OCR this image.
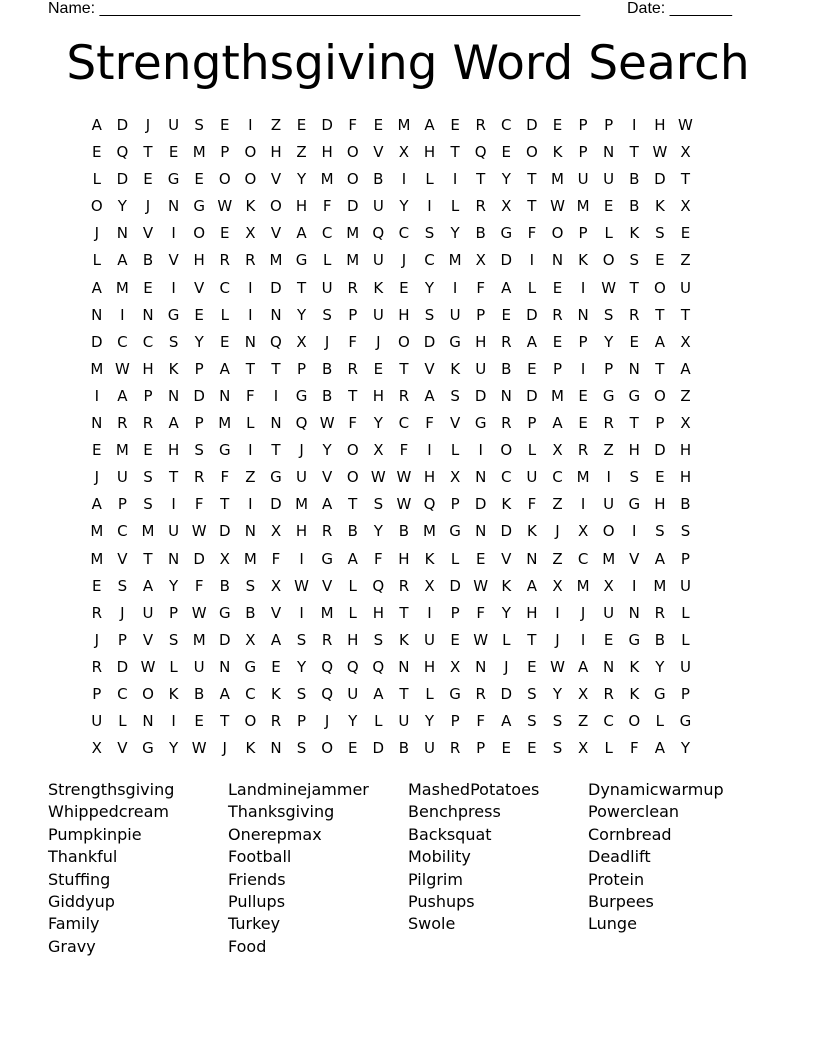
Name: ______________________________________________________	Date: _______
Strengthsgiving Word Search
A D J U S E I Z E D F E M A E R C D E P P I H W
E Q T E M P O H Z H O V X H T Q E O K P N T W X
L D E G E O O V Y M O B I L I T Y T M U U B D T
O Y J N G W K O H F D U Y I L R X T W M E B K X
J N V I O E X V A C M Q C S Y B G F O P L K S E
L A B V H R R M G L M U J C M X D I N K O S E Z
A M E I V C I D T U R K E Y I F A L E I W T O U
N I N G E L I N Y S P U H S U P E D R N S R T T
D C C S Y E N Q X J F J O D G H R A E P Y E A X
M W H K P A T T P B R E T V K U B E P I P N T A
I A P N D N F I G B T H R A S D N D M E G G O Z
N R R A P M L N Q W F Y C F V G R P A E R T P X
E M E H S G I T J Y O X F I L I O L X R Z H D H
J U S T R F Z G U V O W W H X N C U C M I S E H
A P S I F T I D M A T S W Q P D K F Z I U G H B
M C M U W D N X H R B Y B M G N D K J X O I S S
M V T N D X M F I G A F H K L E V N Z C M V A P
E S A Y F B S X W V L Q R X D W K A X M X I M U
R J U P W G B V I M L H T I P F Y H I J U N R L
J P V S M D X A S R H S K U E W L T J I E G B L
R D W L U N G E Y Q Q Q N H X N J E W A N K Y U
P C O K B A C K S Q U A T L G R D S Y X R K G P
U L N I E T O R P J Y L U Y P F A S S Z C O L G
X V G Y W J K N S O E D B U R P E E S X L F A Y
Strengthsgiving
Whippedcream
Pumpkinpie
Thankful
Stuffing
Giddyup
Family
Gravy
Landminejammer
Thanksgiving
Onerepmax
Football
Friends
Pullups
Turkey
Food
MashedPotatoes
Benchpress
Backsquat
Mobility
Pilgrim
Pushups
Swole
Dynamicwarmup
Powerclean
Cornbread
Deadlift
Protein
Burpees
Lunge
